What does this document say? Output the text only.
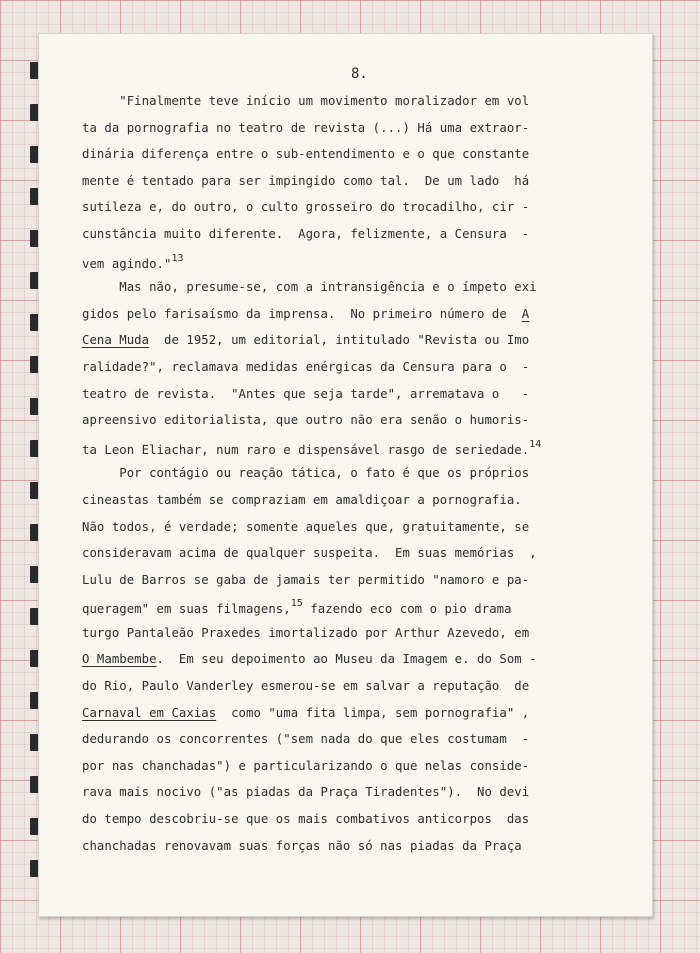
8.
"Finalmente teve início um movimento moralizador em vol
ta da pornografia no teatro de revista (...) Há uma extraor-
dinária diferença entre o sub-entendimento e o que constante
mente é tentado para ser impingido como tal.  De um lado  há
sutileza e, do outro, o culto grosseiro do trocadilho, cir -
cunstância muito diferente.  Agora, felizmente, a Censura  -
vem agindo."$^{13}$
Mas não, presume-se, com a intransigência e o ímpeto exi
gidos pelo farisaísmo da imprensa.  No primeiro número de  A
Cena Muda  de 1952, um editorial, intitulado "Revista ou Imo
ralidade?", reclamava medidas enérgicas da Censura para o  -
teatro de revista.  "Antes que seja tarde", arrematava o   -
apreensivo editorialista, que outro não era senão o humoris-
ta Leon Eliachar, num raro e dispensável rasgo de seriedade.$^{14}$
Por contágio ou reação tática, o fato é que os próprios
cineastas também se compraziam em amaldiçoar a pornografia.
Não todos, é verdade; somente aqueles que, gratuitamente, se
consideravam acima de qualquer suspeita.  Em suas memórias  ,
Lulu de Barros se gaba de jamais ter permitido "namoro e pa-
queragem" em suas filmagens,$^{15}$ fazendo eco com o pio drama
turgo Pantaleão Praxedes imortalizado por Arthur Azevedo, em
O Mambembe.  Em seu depoimento ao Museu da Imagem e. do Som -
do Rio, Paulo Vanderley esmerou-se em salvar a reputação  de
Carnaval em Caxias  como "uma fita limpa, sem pornografia" ,
dedurando os concorrentes ("sem nada do que eles costumam  -
por nas chanchadas") e particularizando o que nelas conside-
rava mais nocivo ("as piadas da Praça Tiradentes").  No devi
do tempo descobriu-se que os mais combativos anticorpos  das
chanchadas renovavam suas forças não só nas piadas da Praça
